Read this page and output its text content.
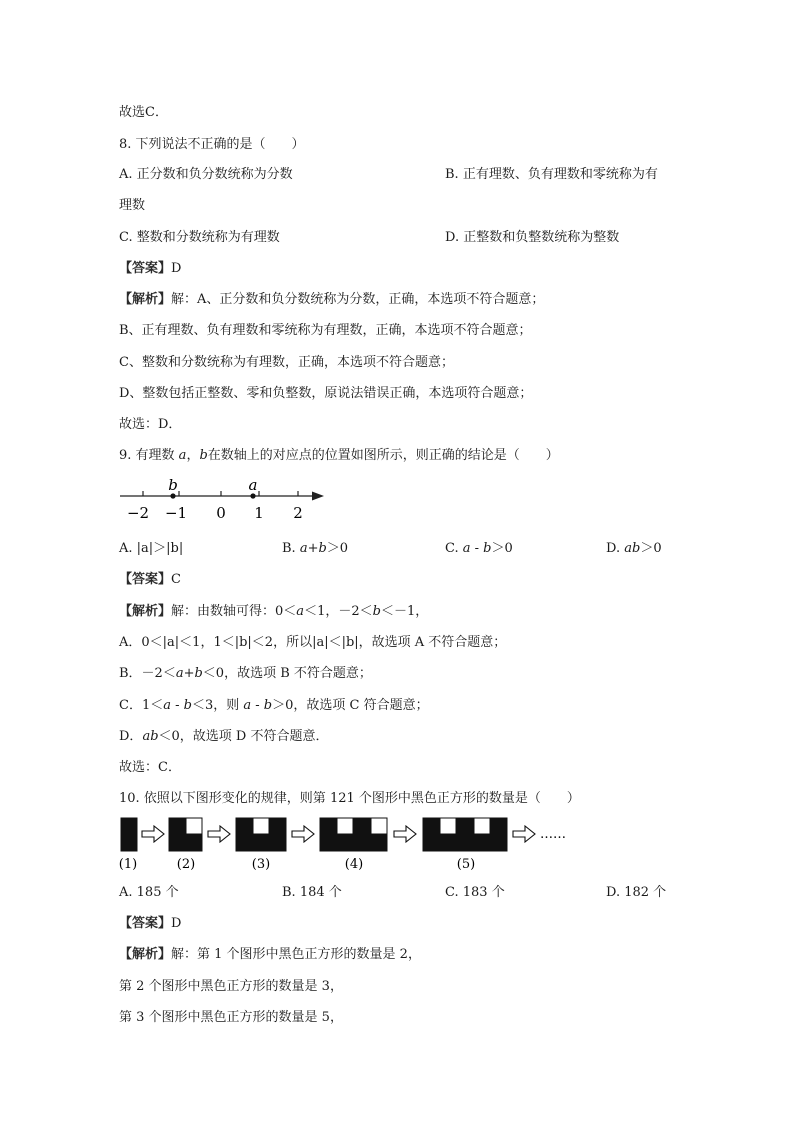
故选C．
8. 下列说法不正确的是（　　）
A. 正分数和负分数统称为分数	B. 正有理数、负有理数和零统称为有
理数
C. 整数和分数统称为有理数	D. 正整数和负整数统称为整数
【答案】D
【解析】解：A、正分数和负分数统称为分数，正确，本选项不符合题意；
B、正有理数、负有理数和零统称为有理数，正确，本选项不符合题意；
C、整数和分数统称为有理数，正确，本选项不符合题意；
D、整数包括正整数、零和负整数，原说法错误正确，本选项符合题意；
故选：D．
9. 有理数 a，b在数轴上的对应点的位置如图所示，则正确的结论是（　　）
−2 −1 0 1 2
b	a
A. |a|＞|b|	B. a+b＞0	C. a - b＞0	D. ab＞0
【答案】C
【解析】解：由数轴可得：0＜a＜1，－2＜b＜－1，
A．0＜|a|＜1，1＜|b|＜2，所以|a|＜|b|，故选项 A 不符合题意；
B．－2＜a+b＜0，故选项 B 不符合题意；
C．1＜a - b＜3，则 a - b＞0，故选项 C 符合题意；
D．ab＜0，故选项 D 不符合题意．
故选：C．
10. 依照以下图形变化的规律，则第 121 个图形中黑色正方形的数量是（　　）
……
(1)	(2)	(3)	(4)	(5)
A. 185 个	B. 184 个	C. 183 个	D. 182 个
【答案】D
【解析】解：第 1 个图形中黑色正方形的数量是 2，
第 2 个图形中黑色正方形的数量是 3，
第 3 个图形中黑色正方形的数量是 5，
